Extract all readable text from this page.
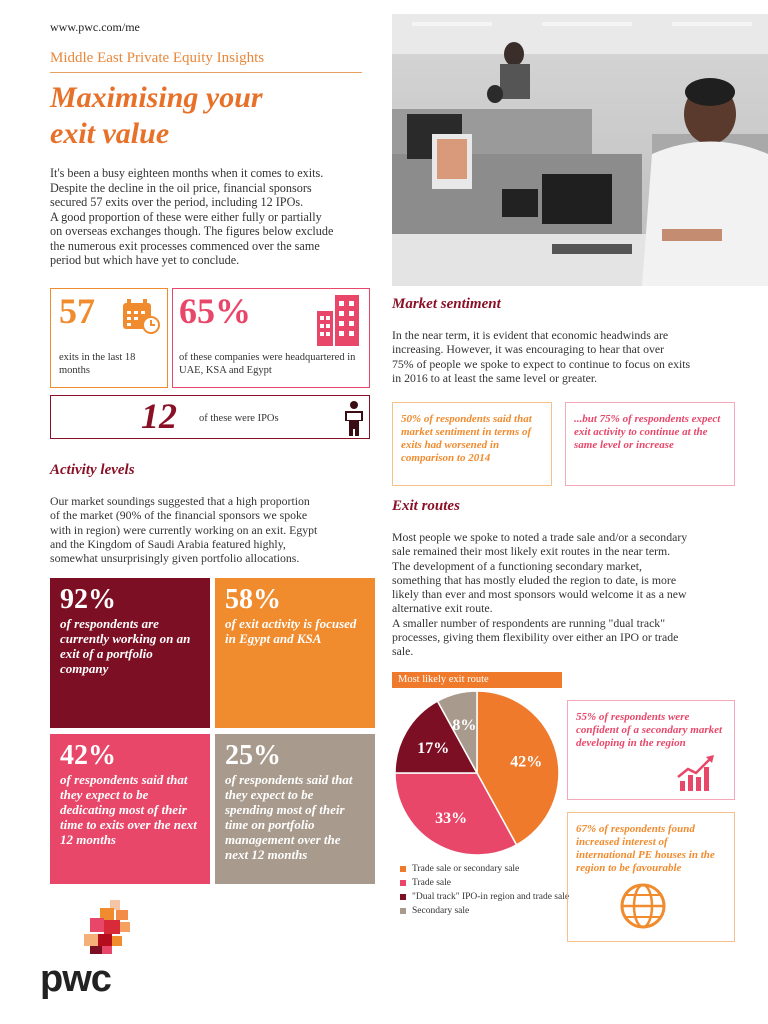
www.pwc.com/me
Middle East Private Equity Insights
Maximising your
exit value

It's been a busy eighteen months when it comes to exits.

Despite the decline in the oil price, financial sponsors

secured 57 exits over the period, including 12 IPOs.

A good proportion of these were either fully or partially

on overseas exchanges though. The figures below exclude

the numerous exit processes commenced over the same

period but which have yet to conclude.

57
exits in the last 18 months
65%
of these companies were headquartered in UAE, KSA and Egypt
12 of these were IPOs
Activity levels

Our market soundings suggested that a high proportion

of the market (90% of the financial sponsors we spoke

with in region) were currently working on an exit. Egypt

and the Kingdom of Saudi Arabia featured highly,

somewhat unsurprisingly given portfolio allocations.

92%
of respondents are currently working on an exit of a portfolio company
58%
of exit activity is focused in Egypt and KSA
42%
of respondents said that they expect to be dedicating most of their time to exits over the next 12 months
25%
of respondents said that they expect to be spending most of their time on portfolio management over the next 12 months
Market sentiment

In the near term, it is evident that economic headwinds are

increasing. However, it was encouraging to hear that over

75% of people we spoke to expect to continue to focus on exits

in 2016 to at least the same level or greater.

50% of respondents said that market sentiment in terms of exits had worsened in comparison to 2014
...but 75% of respondents expect exit activity to continue at the same level or increase
Exit routes

Most people we spoke to noted a trade sale and/or a secondary

sale remained their most likely exit routes in the near term.

The development of a functioning secondary market,

something that has mostly eluded the region to date, is more

likely than ever and most sponsors would welcome it as a new

alternative exit route.

A smaller number of respondents are running "dual track"

processes, giving them flexibility over either an IPO or trade

sale.

Most likely exit route
42%
33%
17%
8%
Trade sale or secondary sale
Trade sale
"Dual track" IPO-in region and trade sale
Secondary sale
55% of respondents were confident of a secondary market developing in the region
67% of respondents found increased interest of international PE houses in the region to be favourable
pwc
